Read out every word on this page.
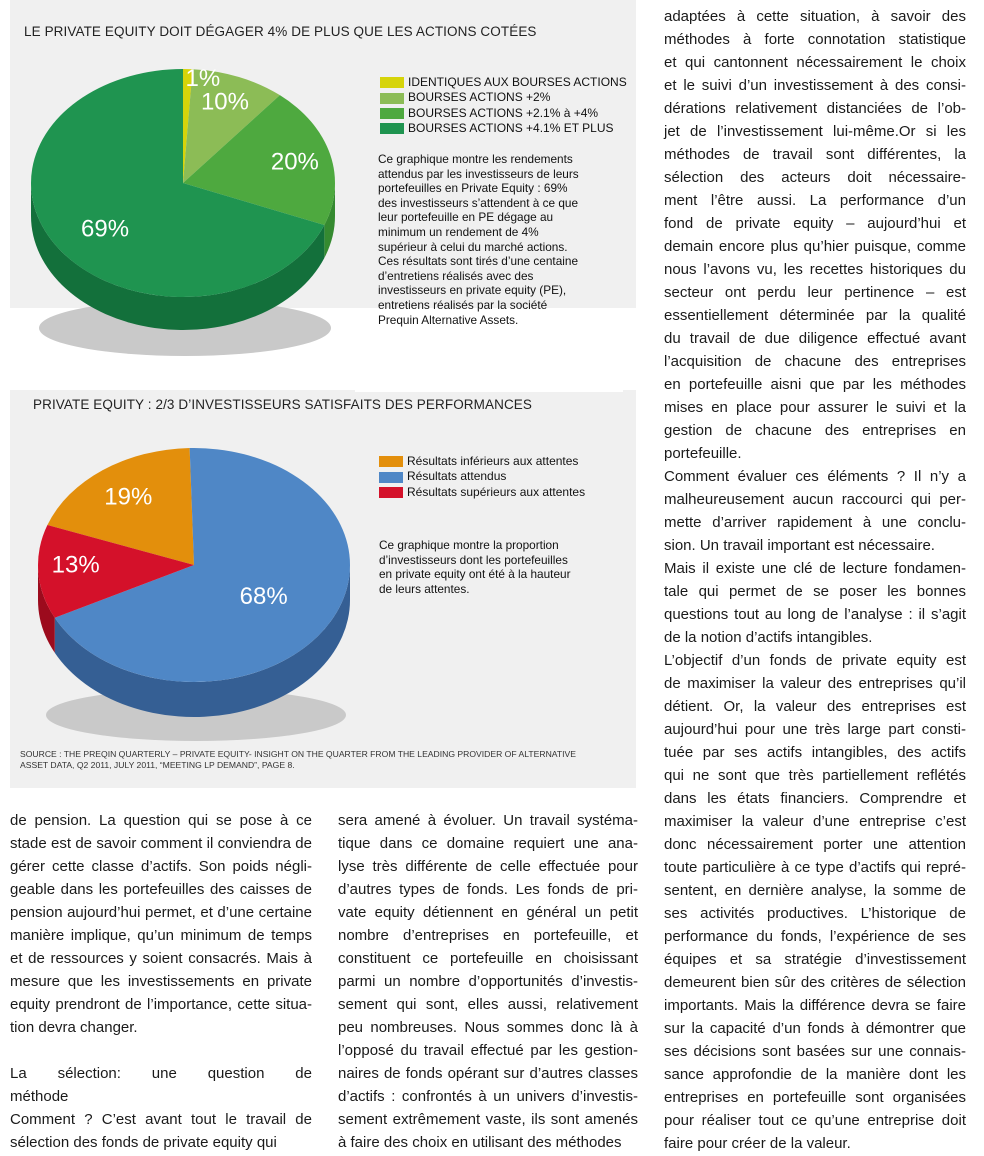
LE PRIVATE EQUITY DOIT DÉGAGER 4% DE PLUS QUE LES ACTIONS COTÉES
PRIVATE EQUITY : 2/3 D’INVESTISSEURS SATISFAITS DES PERFORMANCES
1%
10%
20%
69%
19%
68%
13%
IDENTIQUES AUX BOURSES ACTIONS
BOURSES ACTIONS +2%
BOURSES ACTIONS +2.1% à +4%
BOURSES ACTIONS +4.1% ET PLUS
Ce graphique montre les rendements
attendus par les investisseurs de leurs
portefeuilles en Private Equity : 69%
des investisseurs s’attendent à ce que
leur portefeuille en PE dégage au
minimum un rendement de 4%
supérieur à celui du marché actions.
Ces résultats sont tirés d’une centaine
d’entretiens réalisés avec des
investisseurs en private equity (PE),
entretiens réalisés par la société
Prequin Alternative Assets.
Résultats inférieurs aux attentes
Résultats attendus
Résultats supérieurs aux attentes
Ce graphique montre la proportion
d’investisseurs dont les portefeuilles
en private equity ont été à la hauteur
de leurs attentes.
SOURCE : THE PREQIN QUARTERLY – PRIVATE EQUITY- INSIGHT ON THE QUARTER FROM THE LEADING PROVIDER OF ALTERNATIVE
ASSET DATA, Q2 2011, JULY 2011, “MEETING LP DEMAND”, PAGE 8.
de pension. La question qui se pose à ce
stade est de savoir comment il conviendra de
gérer cette classe d’actifs. Son poids négli-
geable dans les portefeuilles des caisses de
pension aujourd’hui permet, et d’une certaine
manière implique, qu’un minimum de temps
et de ressources y soient consacrés. Mais à
mesure que les investissements en private
equity prendront de l’importance, cette situa-
tion devra changer.
La sélection: une question de
méthode
Comment ? C’est avant tout le travail de
sélection des fonds de private equity qui
sera amené à évoluer. Un travail systéma-
tique dans ce domaine requiert une ana-
lyse très différente de celle effectuée pour
d’autres types de fonds. Les fonds de pri-
vate equity détiennent en général un petit
nombre d’entreprises en portefeuille, et
constituent ce portefeuille en choisissant
parmi un nombre d’opportunités d’investis-
sement qui sont, elles aussi, relativement
peu nombreuses. Nous sommes donc là à
l’opposé du travail effectué par les gestion-
naires de fonds opérant sur d’autres classes
d’actifs : confrontés à un univers d’investis-
sement extrêmement vaste, ils sont amenés
à faire des choix en utilisant des méthodes
adaptées à cette situation, à savoir des
méthodes à forte connotation statistique
et qui cantonnent nécessairement le choix
et le suivi d’un investissement à des consi-
dérations relativement distanciées de l’ob-
jet de l’investissement lui-même.Or si les
méthodes de travail sont différentes, la
sélection des acteurs doit nécessaire-
ment l’être aussi. La performance d’un
fond de private equity – aujourd’hui et
demain encore plus qu’hier puisque, comme
nous l’avons vu, les recettes historiques du
secteur ont perdu leur pertinence – est
essentiellement déterminée par la qualité
du travail de due diligence effectué avant
l’acquisition de chacune des entreprises
en portefeuille aisni que par les méthodes
mises en place pour assurer le suivi et la
gestion de chacune des entreprises en
portefeuille.
Comment évaluer ces éléments ? Il n’y a
malheureusement aucun raccourci qui per-
mette d’arriver rapidement à une conclu-
sion. Un travail important est nécessaire.
Mais il existe une clé de lecture fondamen-
tale qui permet de se poser les bonnes
questions tout au long de l’analyse : il s’agit
de la notion d’actifs intangibles.
L’objectif d’un fonds de private equity est
de maximiser la valeur des entreprises qu’il
détient. Or, la valeur des entreprises est
aujourd’hui pour une très large part consti-
tuée par ses actifs intangibles, des actifs
qui ne sont que très partiellement reflétés
dans les états financiers. Comprendre et
maximiser la valeur d’une entreprise c’est
donc nécessairement porter une attention
toute particulière à ce type d’actifs qui repré-
sentent, en dernière analyse, la somme de
ses activités productives. L’historique de
performance du fonds, l’expérience de ses
équipes et sa stratégie d’investissement
demeurent bien sûr des critères de sélection
importants. Mais la différence devra se faire
sur la capacité d’un fonds à démontrer que
ses décisions sont basées sur une connais-
sance approfondie de la manière dont les
entreprises en portefeuille sont organisées
pour réaliser tout ce qu’une entreprise doit
faire pour créer de la valeur.
